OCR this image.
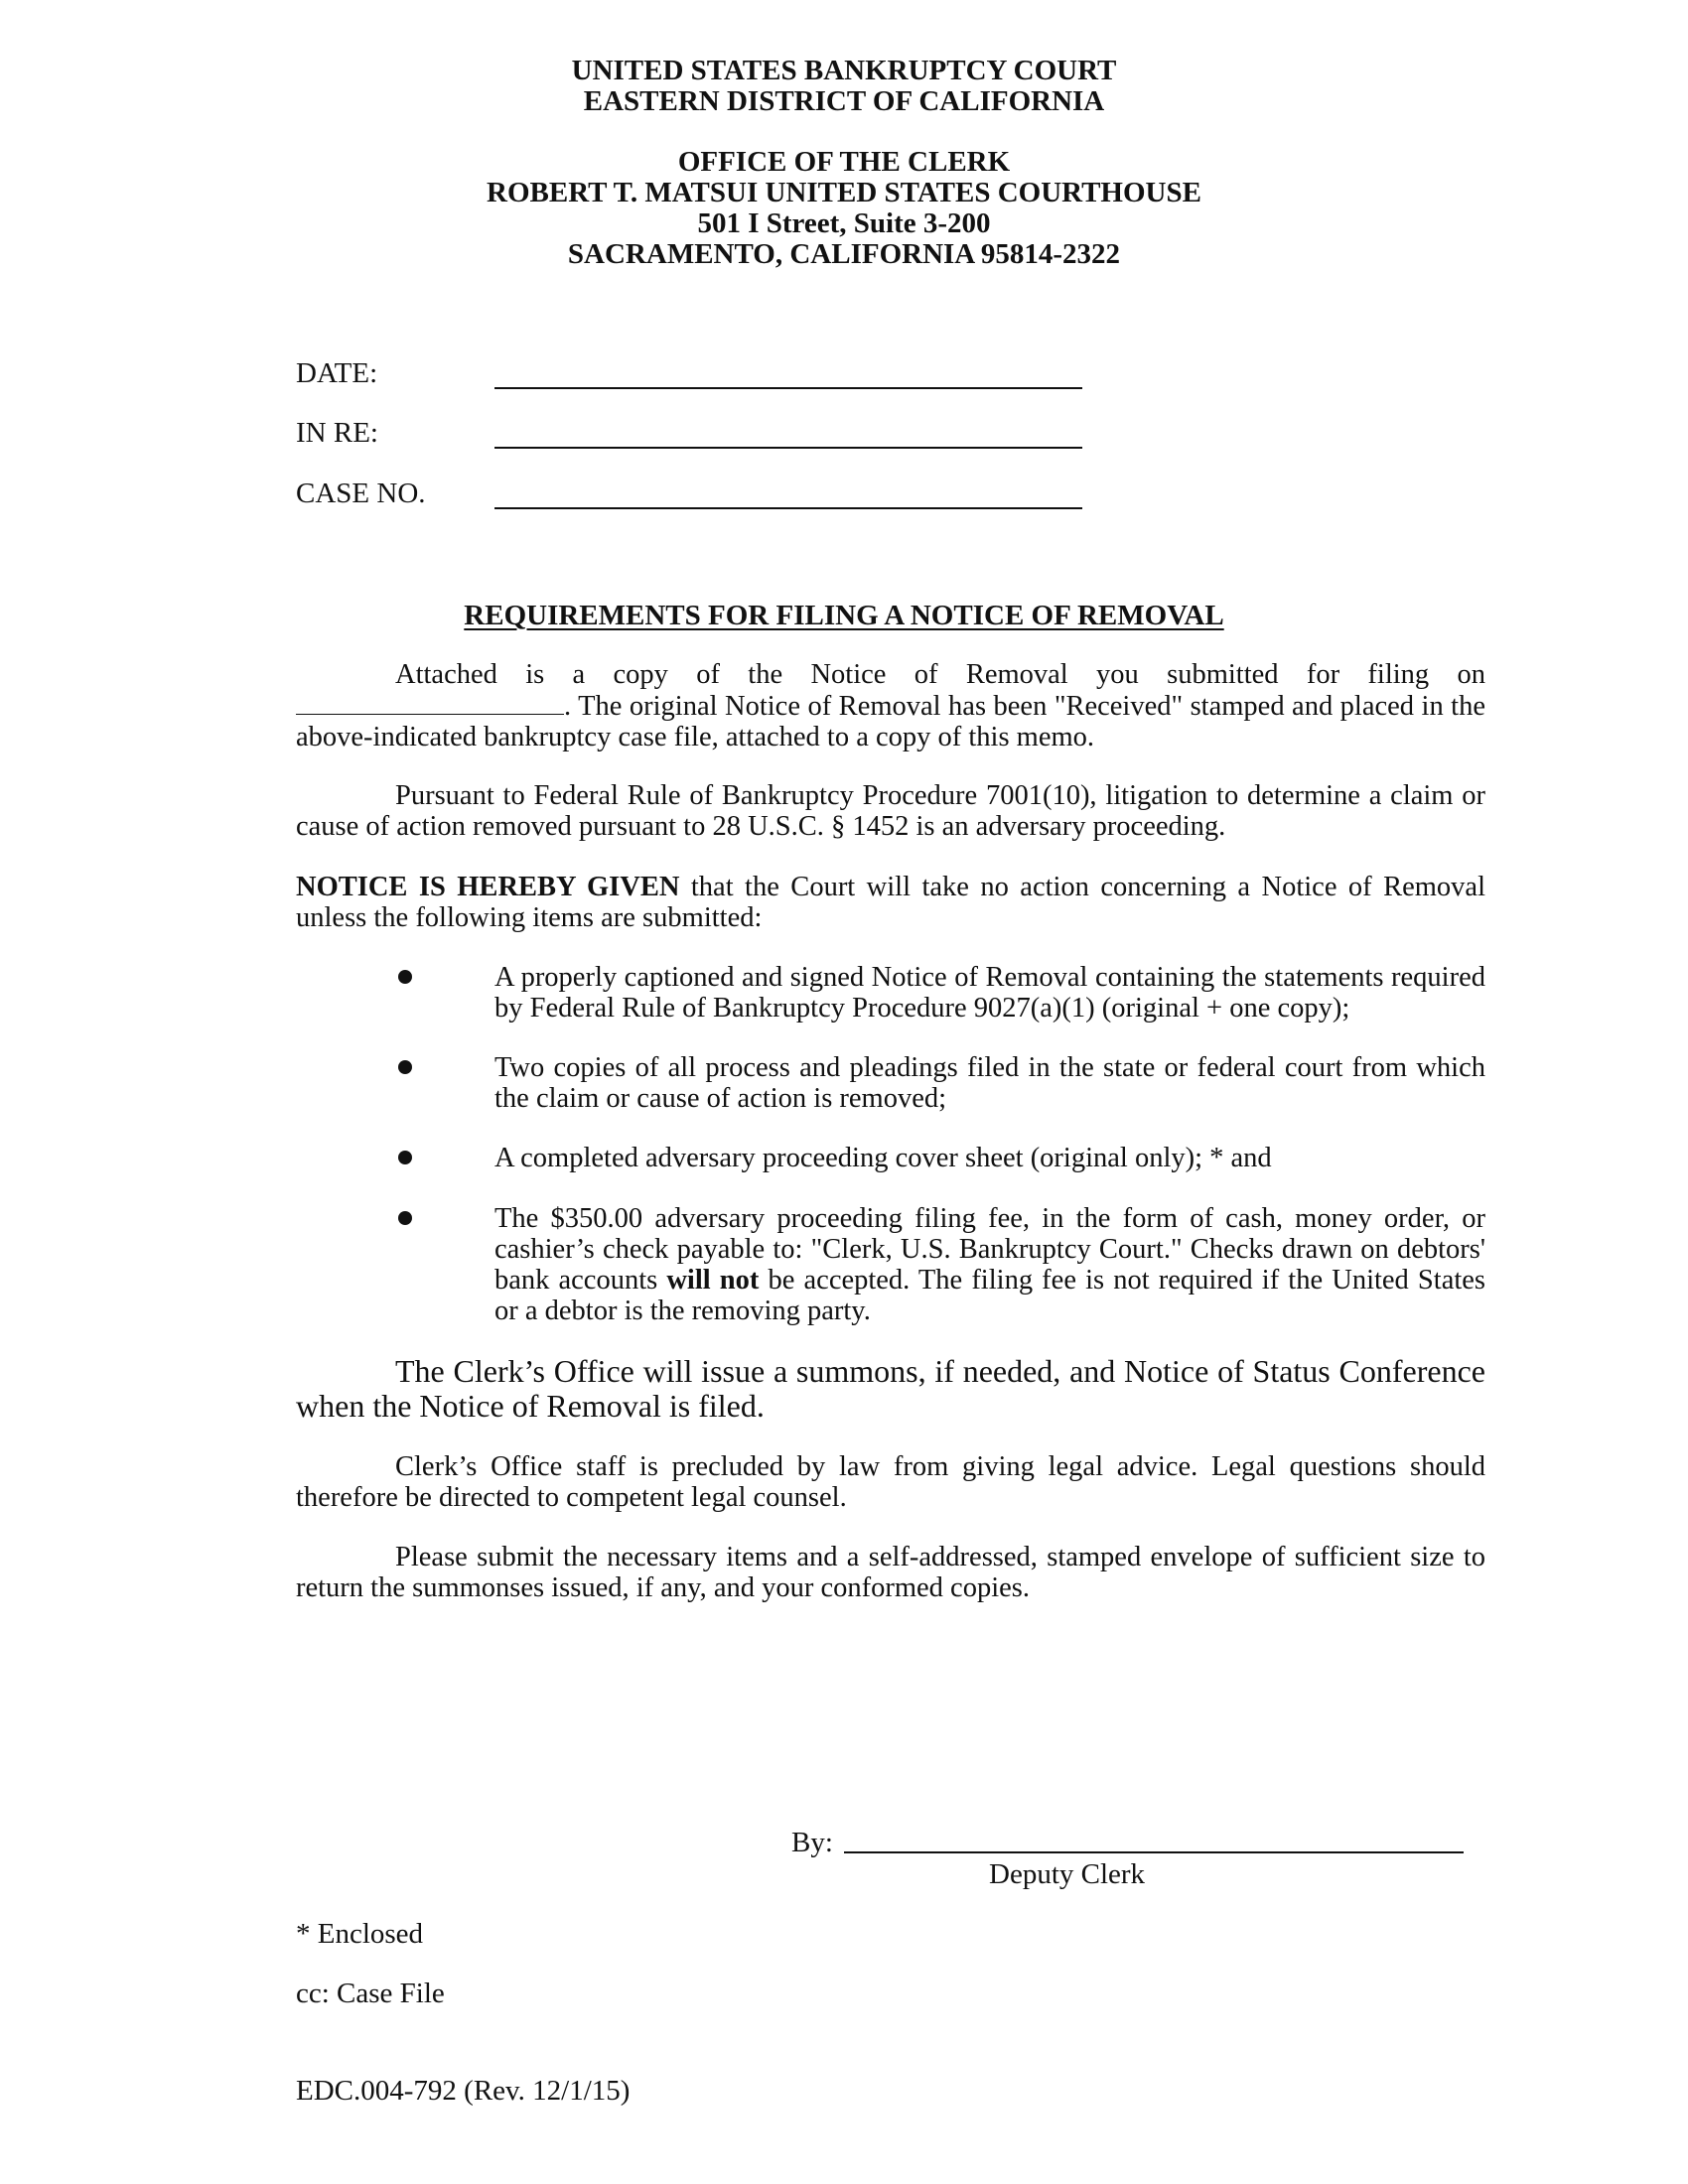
UNITED STATES BANKRUPTCY COURT
EASTERN DISTRICT OF CALIFORNIA
OFFICE OF THE CLERK
ROBERT T. MATSUI UNITED STATES COURTHOUSE
501 I Street, Suite 3-200
SACRAMENTO, CALIFORNIA 95814-2322
DATE:
IN RE:
CASE NO.
REQUIREMENTS FOR FILING A NOTICE OF REMOVAL
Attached is a copy of the Notice of Removal you submitted for filing on . The original Notice of Removal has been "Received" stamped and placed in the above-indicated bankruptcy case file, attached to a copy of this memo.
Pursuant to Federal Rule of Bankruptcy Procedure 7001(10), litigation to determine a claim or cause of action removed pursuant to 28 U.S.C. § 1452 is an adversary proceeding.
NOTICE IS HEREBY GIVEN that the Court will take no action concerning a Notice of Removal unless the following items are submitted:
A properly captioned and signed Notice of Removal containing the statements required by Federal Rule of Bankruptcy Procedure 9027(a)(1) (original + one copy);
Two copies of all process and pleadings filed in the state or federal court from which the claim or cause of action is removed;
A completed adversary proceeding cover sheet (original only); * and
The $350.00 adversary proceeding filing fee, in the form of cash, money order, or cashier’s check payable to: "Clerk, U.S. Bankruptcy Court." Checks drawn on debtors' bank accounts will not be accepted. The filing fee is not required if the United States or a debtor is the removing party.
The Clerk’s Office will issue a summons, if needed, and Notice of Status Conference when the Notice of Removal is filed.
Clerk’s Office staff is precluded by law from giving legal advice. Legal questions should therefore be directed to competent legal counsel.
Please submit the necessary items and a self-addressed, stamped envelope of sufficient size to return the summonses issued, if any, and your conformed copies.
By:
Deputy Clerk
* Enclosed
cc: Case File
EDC.004-792 (Rev. 12/1/15)
